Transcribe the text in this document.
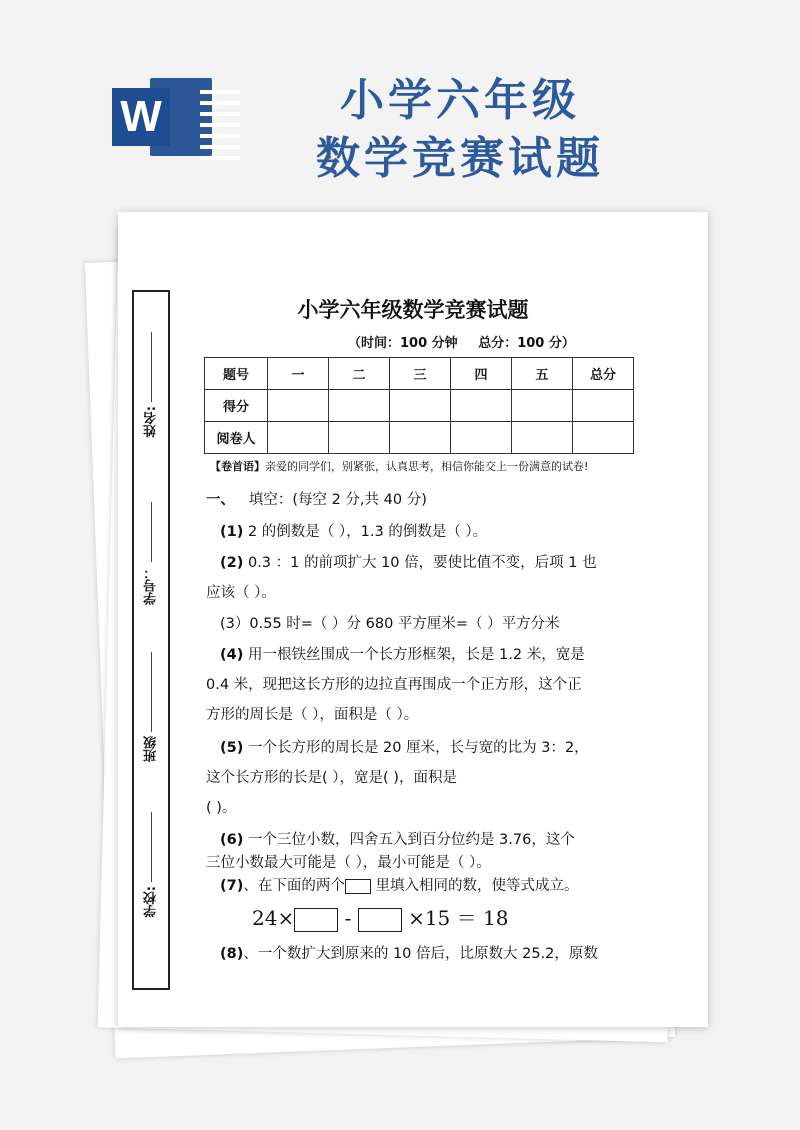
W	小学六年级
数学竞赛试题
姓名:
学号：
班级
学校:
小学六年级数学竞赛试题
（时间：100 分钟 总分：100 分）
题号	一	二	三	四	五	总分
得分						
阅卷人						
【卷首语】亲爱的同学们，别紧张，认真思考，相信你能交上一份满意的试卷!
一、 填空：(每空 2 分,共 40 分)
(1) 2 的倒数是（ ），1.3 的倒数是（ ）。
(2) 0.3 ：1 的前项扩大 10 倍，要使比值不变，后项 1 也
应该（ ）。
(3）0.55 时=（ ）分 680 平方厘米=（ ）平方分米
(4) 用一根铁丝围成一个长方形框架，长是 1.2 米，宽是
0.4 米，现把这长方形的边拉直再围成一个正方形，这个正
方形的周长是（ ），面积是（ ）。
(5) 一个长方形的周长是 20 厘米，长与宽的比为 3：2，
这个长方形的长是( ），宽是( )，面积是
( )。
(6) 一个三位小数，四舍五入到百分位约是 3.76，这个
三位小数最大可能是（ ），最小可能是（ ）。
(7)、在下面的两个 里填入相同的数，使等式成立。
24×	-	×15 ＝ 18
(8)、一个数扩大到原来的 10 倍后，比原数大 25.2，原数
